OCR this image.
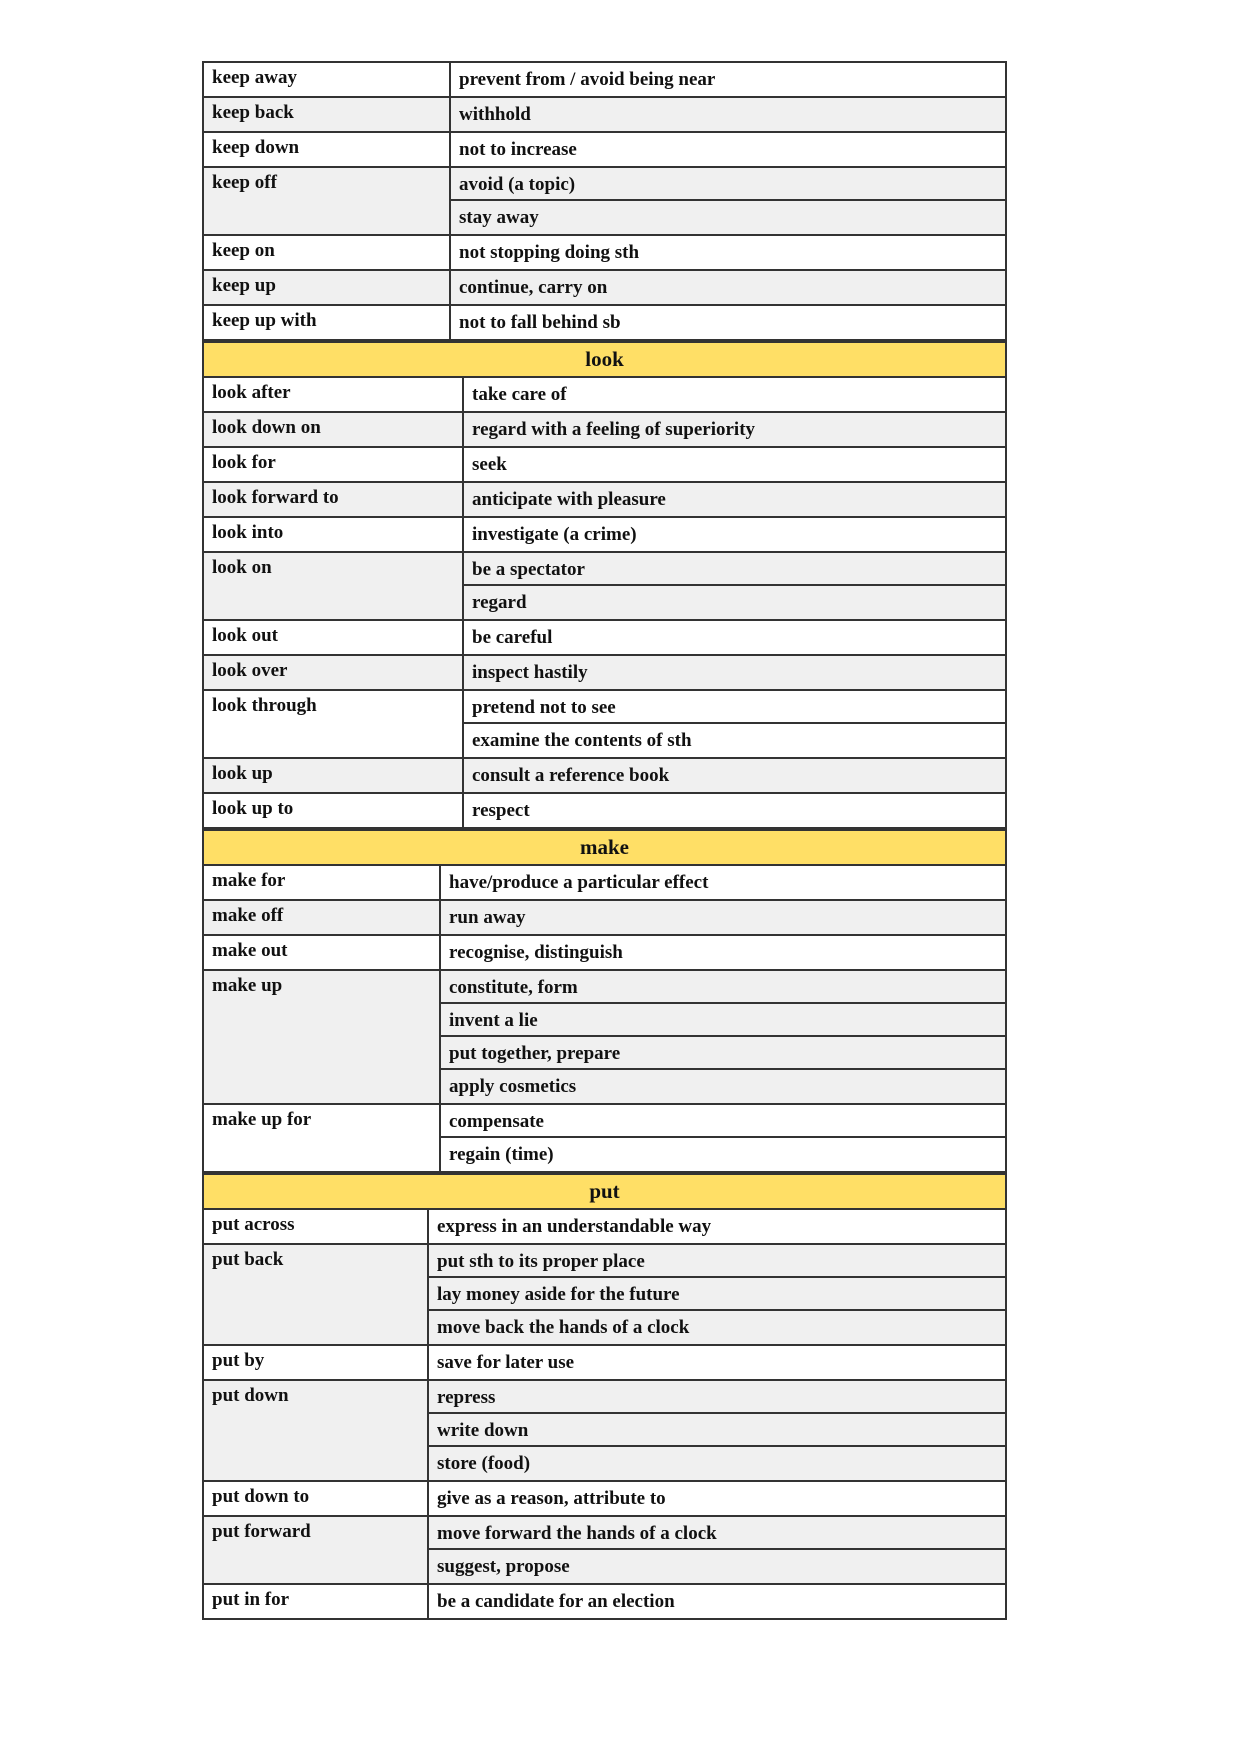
keep away	prevent from / avoid being near
keep back	withhold
keep down	not to increase
keep off	avoid (a topic)
stay away
keep on	not stopping doing sth
keep up	continue, carry on
keep up with	not to fall behind sb
look
look after	take care of
look down on	regard with a feeling of superiority
look for	seek
look forward to	anticipate with pleasure
look into	investigate (a crime)
look on	be a spectator
regard
look out	be careful
look over	inspect hastily
look through	pretend not to see
examine the contents of sth
look up	consult a reference book
look up to	respect
make
make for	have/produce a particular effect
make off	run away
make out	recognise, distinguish
make up	constitute, form
invent a lie
put together, prepare
apply cosmetics
make up for	compensate
regain (time)
put
put across	express in an understandable way
put back	put sth to its proper place
lay money aside for the future
move back the hands of a clock
put by	save for later use
put down	repress
write down
store (food)
put down to	give as a reason, attribute to
put forward	move forward the hands of a clock
suggest, propose
put in for	be a candidate for an election
